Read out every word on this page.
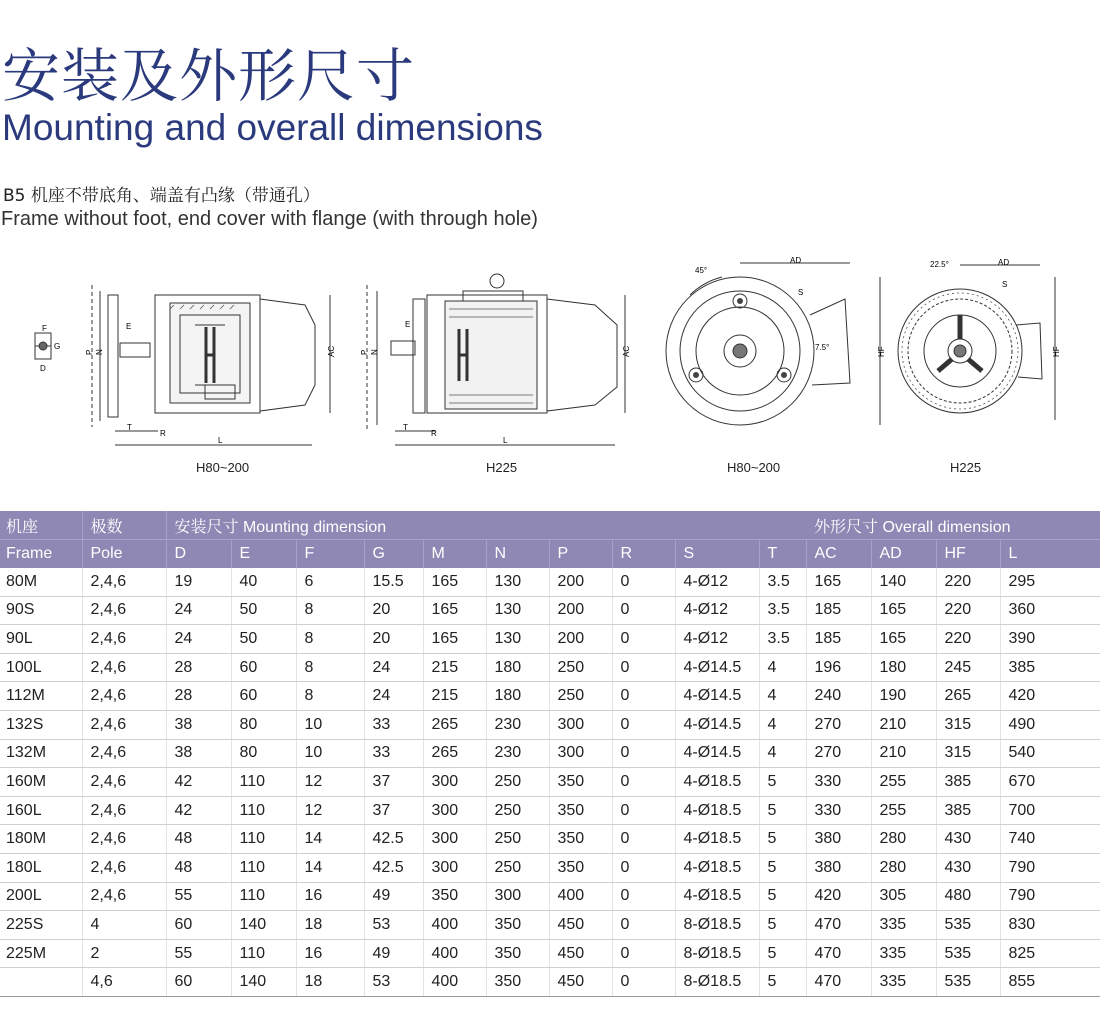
安装及外形尺寸
Mounting and overall dimensions
B5 机座不带底角、端盖有凸缘（带通孔）
Frame without foot, end cover with flange (with through hole)
F
G
D
E
P N	AC
T
R
L
E
P N	AC
T
R
L
45°
AD
S
7.5°	HF
22.5°	AD
S
HF
H80~200	H225	H80~200	H225
机座	极数	安装尺寸 Mounting dimension										外形尺寸 Overall dimension			
Frame	Pole	D	E	F	G	M	N	P	R	S	T	AC	AD	HF	L
80M	2,4,6	19	40	6	15.5	165	130	200	0	4-Ø12	3.5	165	140	220	295
90S	2,4,6	24	50	8	20	165	130	200	0	4-Ø12	3.5	185	165	220	360
90L	2,4,6	24	50	8	20	165	130	200	0	4-Ø12	3.5	185	165	220	390
100L	2,4,6	28	60	8	24	215	180	250	0	4-Ø14.5	4	196	180	245	385
112M	2,4,6	28	60	8	24	215	180	250	0	4-Ø14.5	4	240	190	265	420
132S	2,4,6	38	80	10	33	265	230	300	0	4-Ø14.5	4	270	210	315	490
132M	2,4,6	38	80	10	33	265	230	300	0	4-Ø14.5	4	270	210	315	540
160M	2,4,6	42	110	12	37	300	250	350	0	4-Ø18.5	5	330	255	385	670
160L	2,4,6	42	110	12	37	300	250	350	0	4-Ø18.5	5	330	255	385	700
180M	2,4,6	48	110	14	42.5	300	250	350	0	4-Ø18.5	5	380	280	430	740
180L	2,4,6	48	110	14	42.5	300	250	350	0	4-Ø18.5	5	380	280	430	790
200L	2,4,6	55	110	16	49	350	300	400	0	4-Ø18.5	5	420	305	480	790
225S	4	60	140	18	53	400	350	450	0	8-Ø18.5	5	470	335	535	830
225M	2	55	110	16	49	400	350	450	0	8-Ø18.5	5	470	335	535	825
	4,6	60	140	18	53	400	350	450	0	8-Ø18.5	5	470	335	535	855
